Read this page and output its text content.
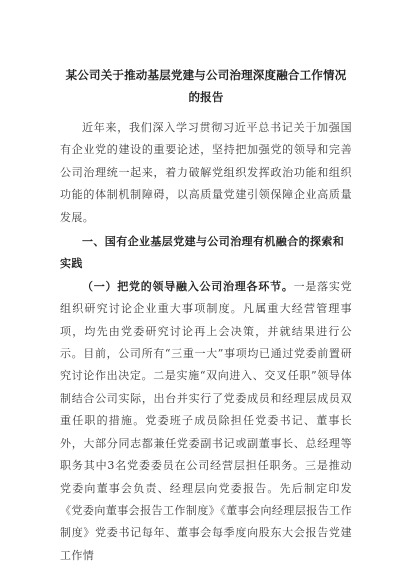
某公司关于推动基层党建与公司治理深度融合工作情况的报告

近年来，我们深入学习贯彻习近平总书记关于加强国有企业党的建设的重要论述，坚持把加强党的领导和完善公司治理统一起来，着力破解党组织发挥政治功能和组织功能的体制机制障碍，以高质量党建引领保障企业高质量发展。

一、国有企业基层党建与公司治理有机融合的探索和实践

（一）把党的领导融入公司治理各环节。一是落实党组织研究讨论企业重大事项制度。凡属重大经营管理事项，均先由党委研究讨论再上会决策，并就结果进行公示。目前，公司所有“三重一大”事项均已通过党委前置研究讨论作出决定。二是实施“双向进入、交叉任职”领导体制结合公司实际，出台并实行了党委成员和经理层成员双重任职的措施。党委班子成员除担任党委书记、董事长外，大部分同志都兼任党委副书记或副董事长、总经理等职务其中3名党委委员在公司经营层担任职务。三是推动党委向董事会负责、经理层向党委报告。先后制定印发《党委向董事会报告工作制度》《董事会向经理层报告工作制度》党委书记每年、董事会每季度向股东大会报告党建工作情
